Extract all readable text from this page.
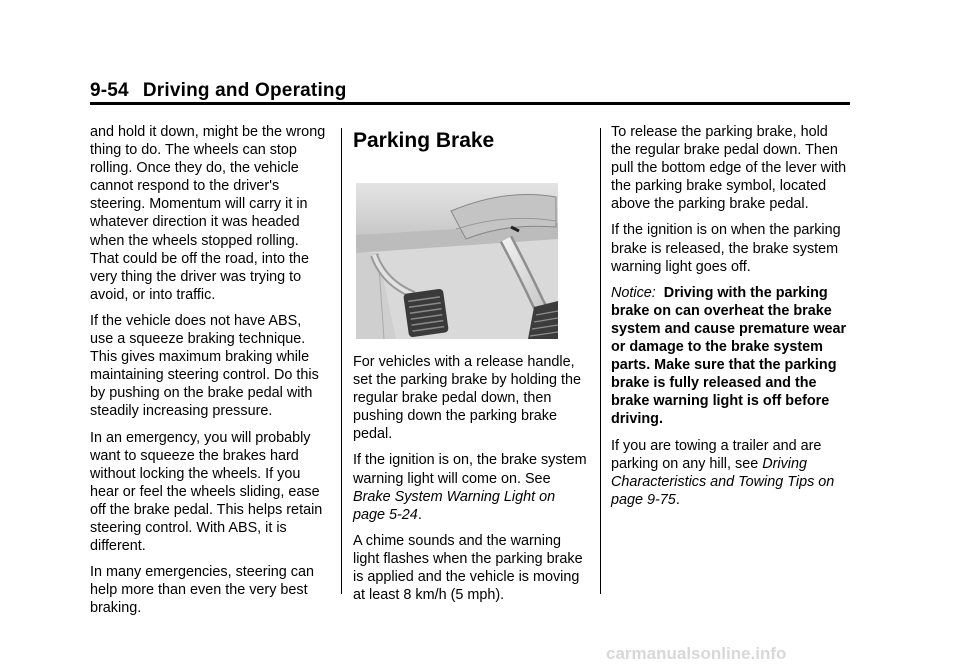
9-54 Driving and Operating

and hold it down, might be the wrong thing to do. The wheels can stop rolling. Once they do, the vehicle cannot respond to the driver's steering. Momentum will carry it in whatever direction it was headed when the wheels stopped rolling. That could be off the road, into the very thing the driver was trying to avoid, or into traffic.

If the vehicle does not have ABS, use a squeeze braking technique. This gives maximum braking while maintaining steering control. Do this by pushing on the brake pedal with steadily increasing pressure.

In an emergency, you will probably want to squeeze the brakes hard without locking the wheels. If you hear or feel the wheels sliding, ease off the brake pedal. This helps retain steering control. With ABS, it is different.

In many emergencies, steering can help more than even the very best braking.

Parking Brake

For vehicles with a release handle, set the parking brake by holding the regular brake pedal down, then pushing down the parking brake pedal.

If the ignition is on, the brake system warning light will come on. See Brake System Warning Light on page 5-24.

A chime sounds and the warning light flashes when the parking brake is applied and the vehicle is moving at least 8 km/h (5 mph).

To release the parking brake, hold the regular brake pedal down. Then pull the bottom edge of the lever with the parking brake symbol, located above the parking brake pedal.

If the ignition is on when the parking brake is released, the brake system warning light goes off.

Notice: Driving with the parking brake on can overheat the brake system and cause premature wear or damage to the brake system parts. Make sure that the parking brake is fully released and the brake warning light is off before driving.

If you are towing a trailer and are parking on any hill, see Driving Characteristics and Towing Tips on page 9-75.

carmanualsonline.info
